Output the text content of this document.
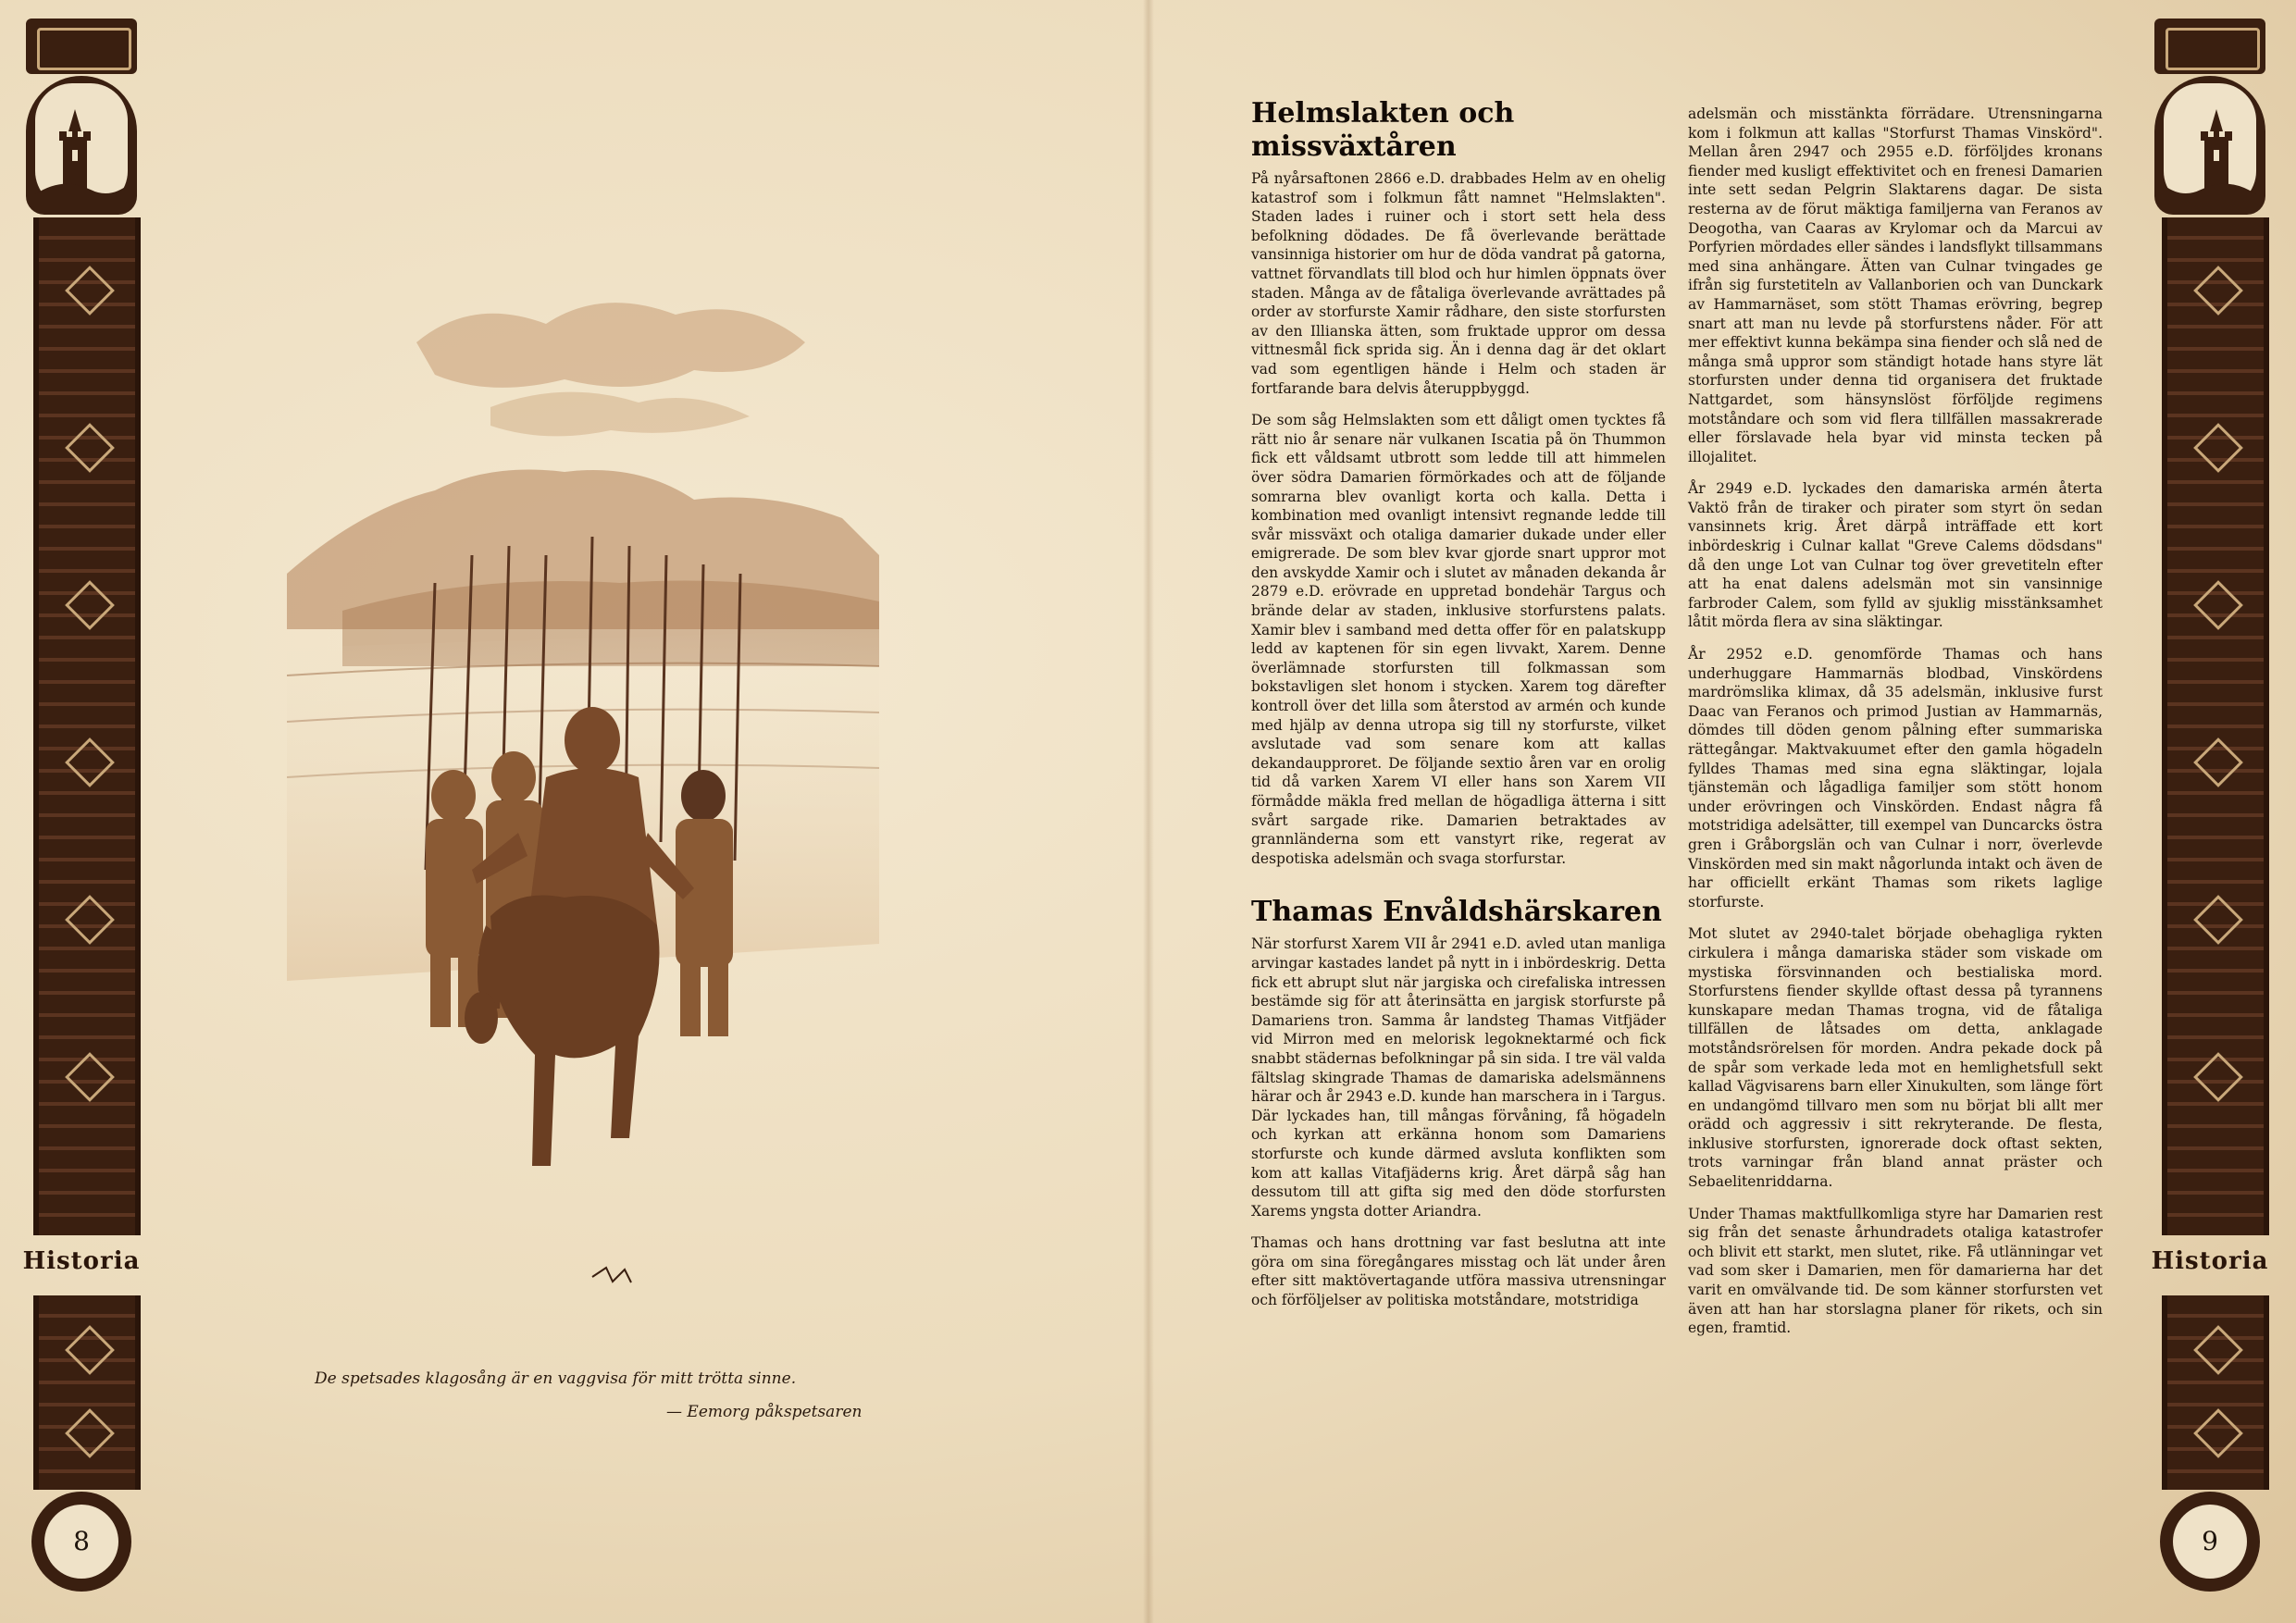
Historia
8
Historia
9
De spetsades klagosång är en vaggvisa för mitt trötta sinne.
— Eemorg påkspetsaren
Helmslakten och missväxtåren

På nyårsaftonen 2866 e.D. drabbades Helm av en ohelig katastrof som i folkmun fått namnet "Helmslakten". Staden lades i ruiner och i stort sett hela dess befolkning dödades. De få överlevande berättade vansinniga historier om hur de döda vandrat på gatorna, vattnet förvandlats till blod och hur himlen öppnats över staden. Många av de fåtaliga överlevande avrättades på order av storfurste Xamir rådhare, den siste storfursten av den Illianska ätten, som fruktade uppror om dessa vittnesmål fick sprida sig. Än i denna dag är det oklart vad som egentligen hände i Helm och staden är fortfarande bara delvis återuppbyggd.

De som såg Helmslakten som ett dåligt omen tycktes få rätt nio år senare när vulkanen Iscatia på ön Thummon fick ett våldsamt utbrott som ledde till att himmelen över södra Damarien förmörkades och att de följande somrarna blev ovanligt korta och kalla. Detta i kombination med ovanligt intensivt regnande ledde till svår missväxt och otaliga damarier dukade under eller emigrerade. De som blev kvar gjorde snart uppror mot den avskydde Xamir och i slutet av månaden dekanda år 2879 e.D. erövrade en uppretad bondehär Targus och brände delar av staden, inklusive storfurstens palats. Xamir blev i samband med detta offer för en palatskupp ledd av kaptenen för sin egen livvakt, Xarem. Denne överlämnade storfursten till folkmassan som bokstavligen slet honom i stycken. Xarem tog därefter kontroll över det lilla som återstod av armén och kunde med hjälp av denna utropa sig till ny storfurste, vilket avslutade vad som senare kom att kallas dekandaupproret. De följande sextio åren var en orolig tid då varken Xarem VI eller hans son Xarem VII förmådde mäkla fred mellan de högadliga ätterna i sitt svårt sargade rike. Damarien betraktades av grannländerna som ett vanstyrt rike, regerat av despotiska adelsmän och svaga storfurstar.

Thamas Envåldshärskaren

När storfurst Xarem VII år 2941 e.D. avled utan manliga arvingar kastades landet på nytt in i inbördeskrig. Detta fick ett abrupt slut när jargiska och cirefaliska intressen bestämde sig för att återinsätta en jargisk storfurste på Damariens tron. Samma år landsteg Thamas Vitfjäder vid Mirron med en melorisk legoknektarmé och fick snabbt städernas befolkningar på sin sida. I tre väl valda fältslag skingrade Thamas de damariska adelsmännens härar och år 2943 e.D. kunde han marschera in i Targus. Där lyckades han, till mångas förvåning, få högadeln och kyrkan att erkänna honom som Damariens storfurste och kunde därmed avsluta konflikten som kom att kallas Vitafjäderns krig. Året därpå såg han dessutom till att gifta sig med den döde storfursten Xarems yngsta dotter Ariandra.

Thamas och hans drottning var fast beslutna att inte göra om sina föregångares misstag och lät under åren efter sitt maktövertagande utföra massiva utrensningar och förföljelser av politiska motståndare, motstridiga

adelsmän och misstänkta förrädare. Utrensningarna kom i folkmun att kallas "Storfurst Thamas Vinskörd". Mellan åren 2947 och 2955 e.D. förföljdes kronans fiender med kusligt effektivitet och en frenesi Damarien inte sett sedan Pelgrin Slaktarens dagar. De sista resterna av de förut mäktiga familjerna van Feranos av Deogotha, van Caaras av Krylomar och da Marcui av Porfyrien mördades eller sändes i landsflykt tillsammans med sina anhängare. Ätten van Culnar tvingades ge ifrån sig furstetiteln av Vallanborien och van Dunckark av Hammarnäset, som stött Thamas erövring, begrep snart att man nu levde på storfurstens nåder. För att mer effektivt kunna bekämpa sina fiender och slå ned de många små uppror som ständigt hotade hans styre lät storfursten under denna tid organisera det fruktade Nattgardet, som hänsynslöst förföljde regimens motståndare och som vid flera tillfällen massakrerade eller förslavade hela byar vid minsta tecken på illojalitet.

År 2949 e.D. lyckades den damariska armén återta Vaktö från de tiraker och pirater som styrt ön sedan vansinnets krig. Året därpå inträffade ett kort inbördeskrig i Culnar kallat "Greve Calems dödsdans" då den unge Lot van Culnar tog över grevetiteln efter att ha enat dalens adelsmän mot sin vansinnige farbroder Calem, som fylld av sjuklig misstänksamhet låtit mörda flera av sina släktingar.

År 2952 e.D. genomförde Thamas och hans underhuggare Hammarnäs blodbad, Vinskördens mardrömslika klimax, då 35 adelsmän, inklusive furst Daac van Feranos och primod Justian av Hammarnäs, dömdes till döden genom pålning efter summariska rättegångar. Maktvakuumet efter den gamla högadeln fylldes Thamas med sina egna släktingar, lojala tjänstemän och lågadliga familjer som stött honom under erövringen och Vinskörden. Endast några få motstridiga adelsätter, till exempel van Duncarcks östra gren i Gråborgslän och van Culnar i norr, överlevde Vinskörden med sin makt någorlunda intakt och även de har officiellt erkänt Thamas som rikets laglige storfurste.

Mot slutet av 2940-talet började obehagliga rykten cirkulera i många damariska städer som viskade om mystiska försvinnanden och bestialiska mord. Storfurstens fiender skyllde oftast dessa på tyrannens kunskapare medan Thamas trogna, vid de fåtaliga tillfällen de låtsades om detta, anklagade motståndsrörelsen för morden. Andra pekade dock på de spår som verkade leda mot en hemlighetsfull sekt kallad Vägvisarens barn eller Xinukulten, som länge fört en undangömd tillvaro men som nu börjat bli allt mer orädd och aggressiv i sitt rekryterande. De flesta, inklusive storfursten, ignorerade dock oftast sekten, trots varningar från bland annat präster och Sebaelitenriddarna.

Under Thamas maktfullkomliga styre har Damarien rest sig från det senaste århundradets otaliga katastrofer och blivit ett starkt, men slutet, rike. Få utlänningar vet vad som sker i Damarien, men för damarierna har det varit en omvälvande tid. De som känner storfursten vet även att han har storslagna planer för rikets, och sin egen, framtid.
